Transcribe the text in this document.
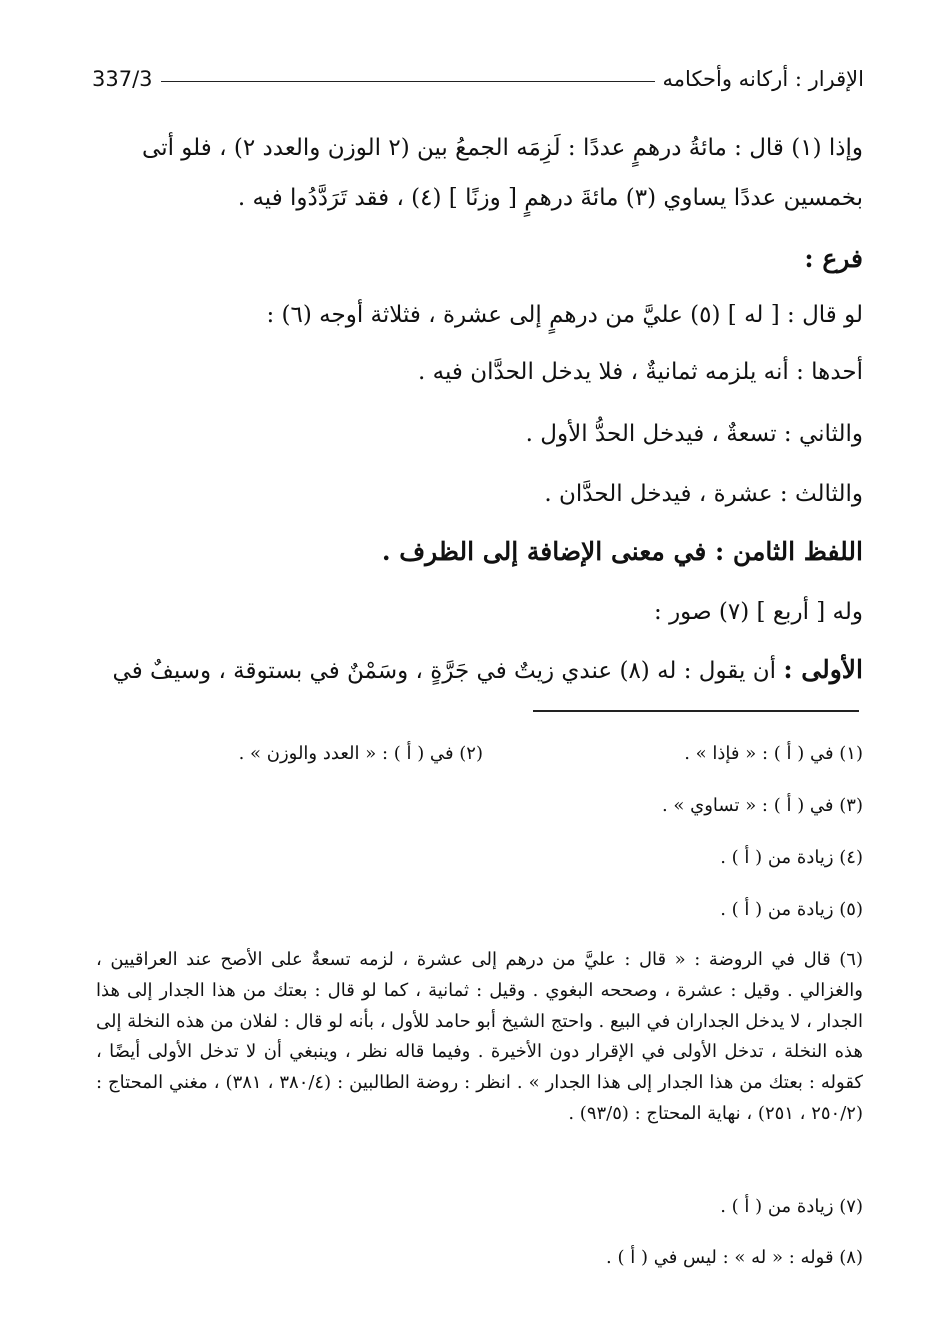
337/3	الإقرار : أركانه وأحكامه
وإذا (١) قال : مائةُ درهمٍ عددًا : لَزِمَه الجمعُ بين (٢ الوزن والعدد ٢) ، فلو أتى
بخمسين عددًا يساوي (٣) مائةَ درهمٍ [ وزنًا ] (٤) ، فقد تَرَدَّدُوا فيه .
فرع :
لو قال : [ له ] (٥) عليَّ من درهمٍ إلى عشرة ، فثلاثة أوجه (٦) :
أحدها : أنه يلزمه ثمانيةٌ ، فلا يدخل الحدَّان فيه .
والثاني : تسعةٌ ، فيدخل الحدُّ الأول .
والثالث : عشرة ، فيدخل الحدَّان .
اللفظ الثامن : في معنى الإضافة إلى الظرف .
وله [ أربع ] (٧) صور :
الأولى : أن يقول : له (٨) عندي زيتٌ في جَرَّةٍ ، وسَمْنٌ في بستوقة ، وسيفٌ في
(١) في ( أ ) : « فإذا » .
(٢) في ( أ ) : « العدد والوزن » .
(٣) في ( أ ) : « تساوي » .
(٤) زيادة من ( أ ) .
(٥) زيادة من ( أ ) .
(٦) قال في الروضة : « قال : عليَّ من درهم إلى عشرة ، لزمه تسعةٌ على الأصح عند العراقيين ، والغزالي . وقيل : عشرة ، وصححه البغوي . وقيل : ثمانية ، كما لو قال : بعتك من هذا الجدار إلى هذا الجدار ، لا يدخل الجداران في البيع . واحتج الشيخ أبو حامد للأول ، بأنه لو قال : لفلان من هذه النخلة إلى هذه النخلة ، تدخل الأولى في الإقرار دون الأخيرة . وفيما قاله نظر ، وينبغي أن لا تدخل الأولى أيضًا ، كقوله : بعتك من هذا الجدار إلى هذا الجدار » . انظر : روضة الطالبين : (٣٨٠/٤ ، ٣٨١) ، مغني المحتاج : (٢٥٠/٢ ، ٢٥١) ، نهاية المحتاج : (٩٣/٥) .
(٧) زيادة من ( أ ) .
(٨) قوله : « له » : ليس في ( أ ) .
